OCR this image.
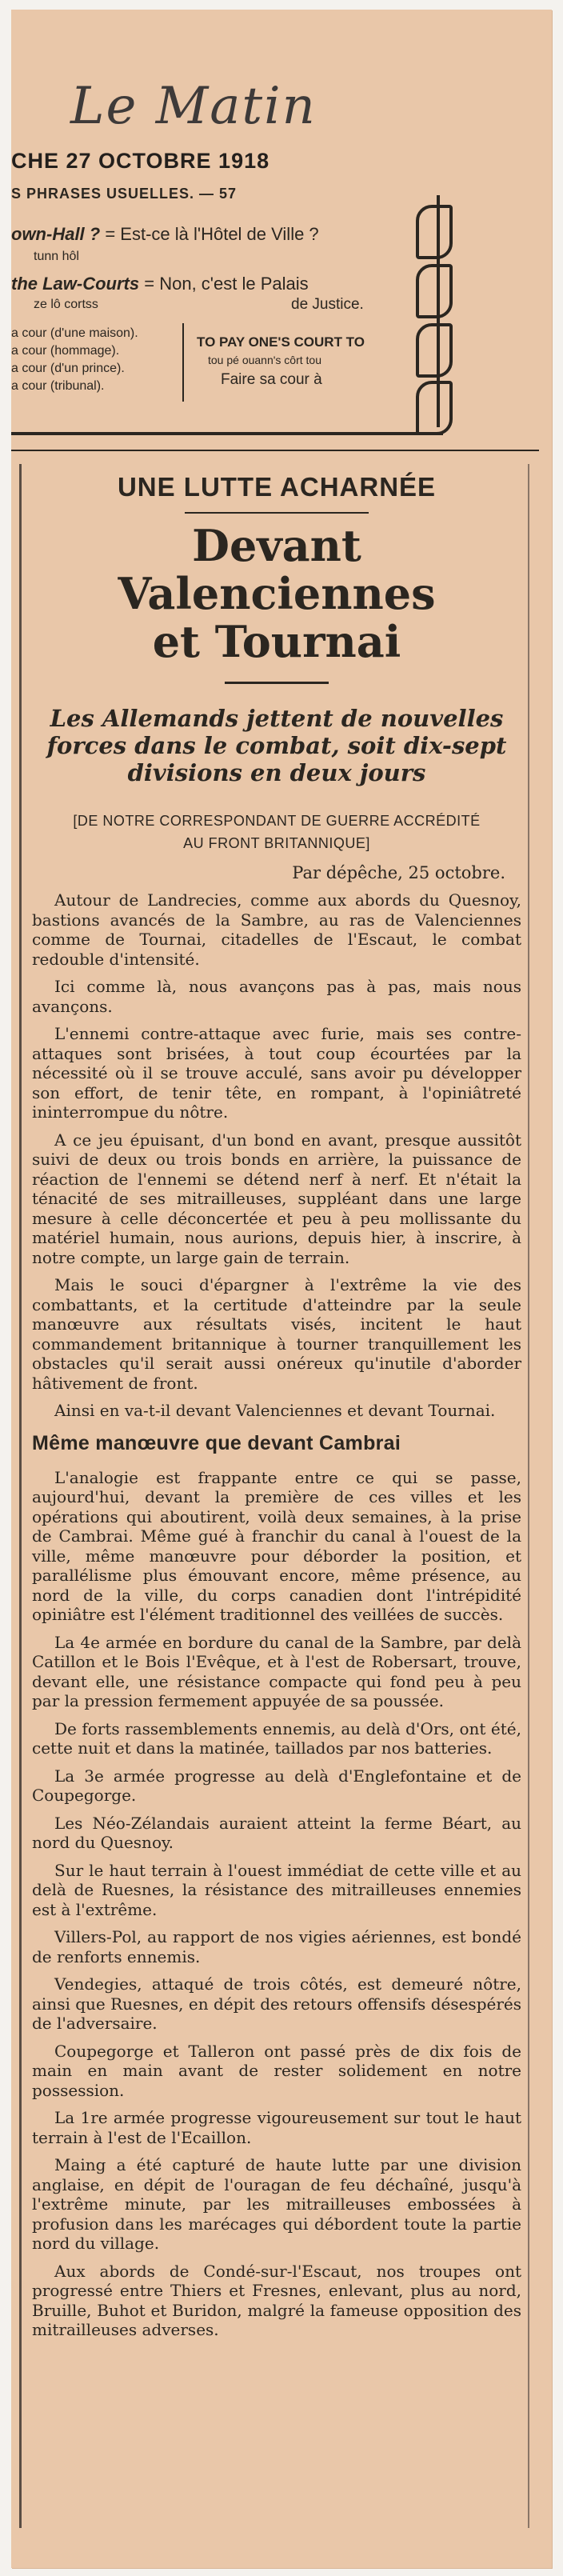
Le Matin
CHE 27 OCTOBRE 1918
S PHRASES USUELLES. — 57
own-Hall ? = Est-ce là l'Hôtel de Ville ?
tunn hôl
the Law-Courts = Non, c'est le Palais
ze lô cortss	de Justice.
a cour (d'une maison).
a cour (hommage).
a cour (d'un prince).
a cour (tribunal).
TO PAY ONE'S COURT TO
tou pé ouann's côrt tou
Faire sa cour à
UNE LUTTE ACHARNÉE
Devant Valenciennes
et Tournai
Les Allemands jettent de nouvelles forces dans le combat, soit dix-sept divisions en deux jours
[DE NOTRE CORRESPONDANT DE GUERRE ACCRÉDITÉ
AU FRONT BRITANNIQUE]
Par dépêche, 25 octobre.

Autour de Landrecies, comme aux abords du Quesnoy, bastions avancés de la Sambre, au ras de Valenciennes comme de Tournai, citadelles de l'Escaut, le combat redouble d'intensité.

Ici comme là, nous avançons pas à pas, mais nous avançons.

L'ennemi contre-attaque avec furie, mais ses contre-attaques sont brisées, à tout coup écourtées par la nécessité où il se trouve acculé, sans avoir pu développer son effort, de tenir tête, en rompant, à l'opiniâtreté ininterrompue du nôtre.

A ce jeu épuisant, d'un bond en avant, presque aussitôt suivi de deux ou trois bonds en arrière, la puissance de réaction de l'ennemi se détend nerf à nerf. Et n'était la ténacité de ses mitrailleuses, suppléant dans une large mesure à celle déconcertée et peu à peu mollissante du matériel humain, nous aurions, depuis hier, à inscrire, à notre compte, un large gain de terrain.

Mais le souci d'épargner à l'extrême la vie des combattants, et la certitude d'atteindre par la seule manœuvre aux résultats visés, incitent le haut commandement britannique à tourner tranquillement les obstacles qu'il serait aussi onéreux qu'inutile d'aborder hâtivement de front.

Ainsi en va-t-il devant Valenciennes et devant Tournai.

Même manœuvre que devant Cambrai

L'analogie est frappante entre ce qui se passe, aujourd'hui, devant la première de ces villes et les opérations qui aboutirent, voilà deux semaines, à la prise de Cambrai. Même gué à franchir du canal à l'ouest de la ville, même manœuvre pour déborder la position, et parallélisme plus émouvant encore, même présence, au nord de la ville, du corps canadien dont l'intrépidité opiniâtre est l'élément traditionnel des veillées de succès.

La 4e armée en bordure du canal de la Sambre, par delà Catillon et le Bois l'Evêque, et à l'est de Robersart, trouve, devant elle, une résistance compacte qui fond peu à peu par la pression fermement appuyée de sa poussée.

De forts rassemblements ennemis, au delà d'Ors, ont été, cette nuit et dans la matinée, taillados par nos batteries.

La 3e armée progresse au delà d'Englefontaine et de Coupegorge.

Les Néo-Zélandais auraient atteint la ferme Béart, au nord du Quesnoy.

Sur le haut terrain à l'ouest immédiat de cette ville et au delà de Ruesnes, la résistance des mitrailleuses ennemies est à l'extrême.

Villers-Pol, au rapport de nos vigies aériennes, est bondé de renforts ennemis.

Vendegies, attaqué de trois côtés, est demeuré nôtre, ainsi que Ruesnes, en dépit des retours offensifs désespérés de l'adversaire.

Coupegorge et Talleron ont passé près de dix fois de main en main avant de rester solidement en notre possession.

La 1re armée progresse vigoureusement sur tout le haut terrain à l'est de l'Ecaillon.

Maing a été capturé de haute lutte par une division anglaise, en dépit de l'ouragan de feu déchaîné, jusqu'à l'extrême minute, par les mitrailleuses embossées à profusion dans les marécages qui débordent toute la partie nord du village.

Aux abords de Condé-sur-l'Escaut, nos troupes ont progressé entre Thiers et Fresnes, enlevant, plus au nord, Bruille, Buhot et Buridon, malgré la fameuse opposition des mitrailleuses adverses.
